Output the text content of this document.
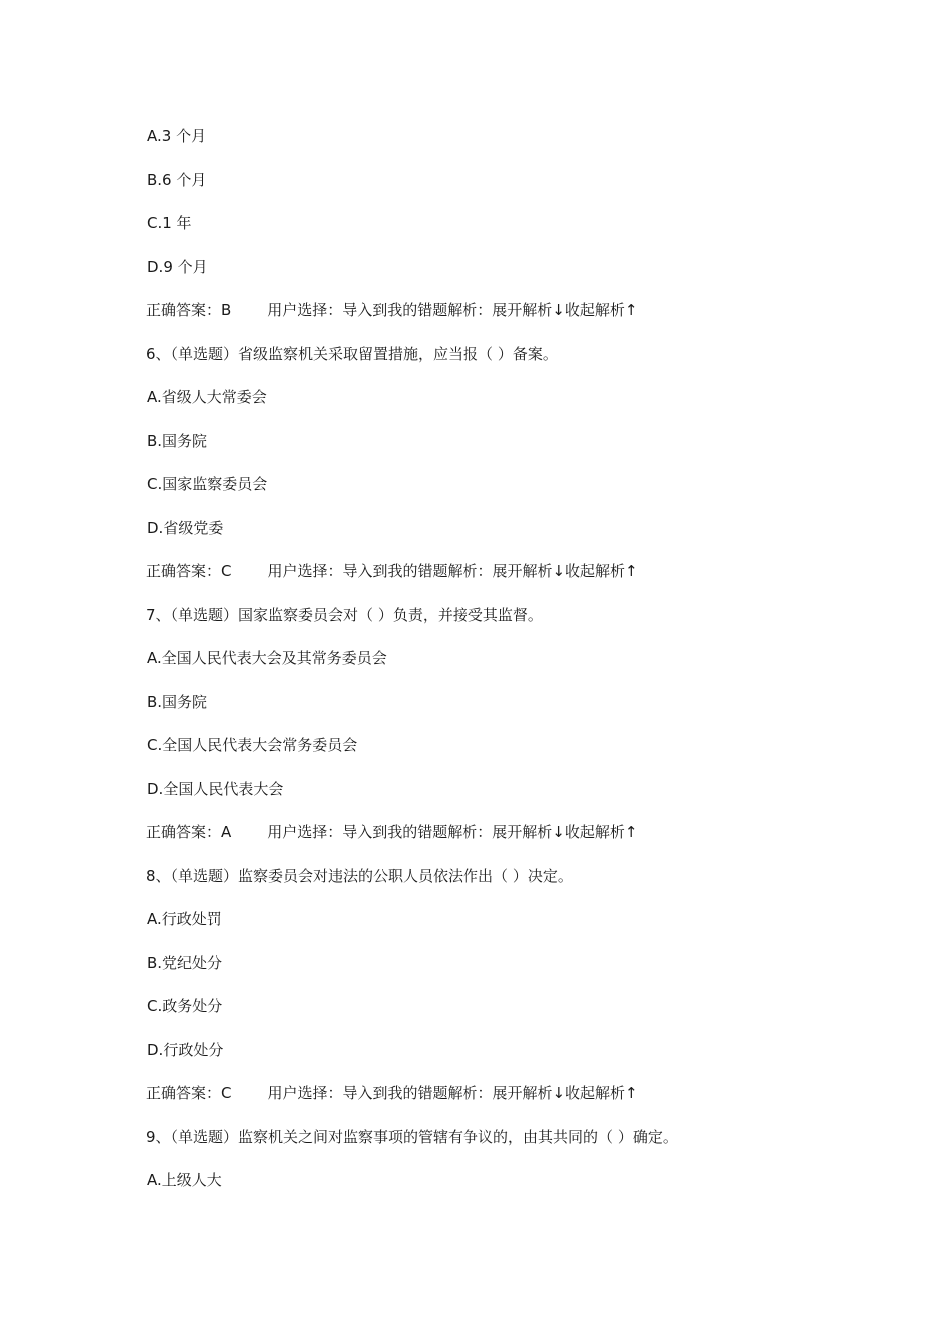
A.3 个月
B.6 个月
C.1 年
D.9 个月
正确答案：B 用户选择：导入到我的错题解析：展开解析↓收起解析↑
6、（单选题）省级监察机关采取留置措施，应当报（ ）备案。
A.省级人大常委会
B.国务院
C.国家监察委员会
D.省级党委
正确答案：C 用户选择：导入到我的错题解析：展开解析↓收起解析↑
7、（单选题）国家监察委员会对（ ）负责，并接受其监督。
A.全国人民代表大会及其常务委员会
B.国务院
C.全国人民代表大会常务委员会
D.全国人民代表大会
正确答案：A 用户选择：导入到我的错题解析：展开解析↓收起解析↑
8、（单选题）监察委员会对违法的公职人员依法作出（ ）决定。
A.行政处罚
B.党纪处分
C.政务处分
D.行政处分
正确答案：C 用户选择：导入到我的错题解析：展开解析↓收起解析↑
9、（单选题）监察机关之间对监察事项的管辖有争议的，由其共同的（ ）确定。
A.上级人大
